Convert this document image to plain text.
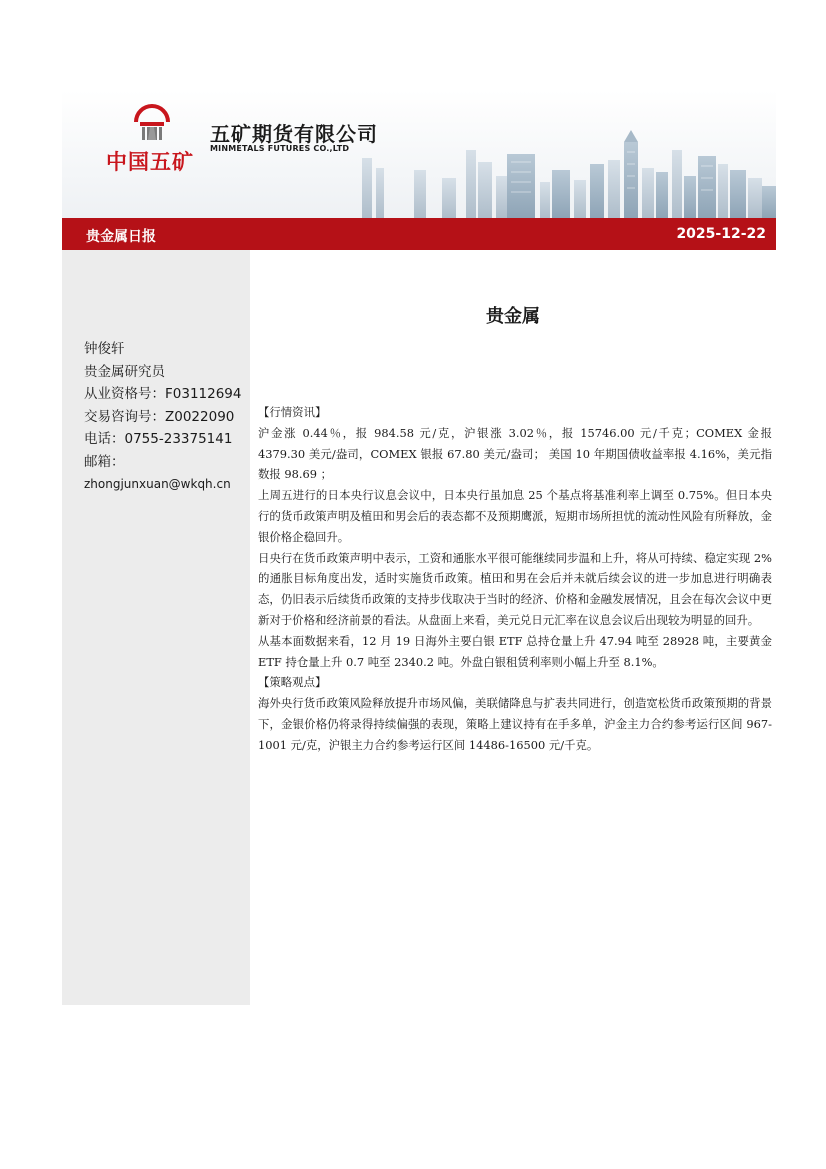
中国五矿
五矿期货有限公司
MINMETALS FUTURES CO.,LTD
贵金属日报	2025-12-22
钟俊轩
贵金属研究员
从业资格号：F03112694
交易咨询号：Z0022090
电话：0755-23375141
邮箱：
zhongjunxuan@wkqh.cn
贵金属

【行情资讯】

沪金涨 0.44％，报 984.58 元/克，沪银涨 3.02％，报 15746.00 元/千克；COMEX 金报 4379.30 美元/盎司，COMEX 银报 67.80 美元/盎司； 美国 10 年期国债收益率报 4.16%，美元指数报 98.69 ；

上周五进行的日本央行议息会议中，日本央行虽加息 25 个基点将基准利率上调至 0.75%。但日本央行的货币政策声明及植田和男会后的表态都不及预期鹰派，短期市场所担忧的流动性风险有所释放，金银价格企稳回升。

日央行在货币政策声明中表示，工资和通胀水平很可能继续同步温和上升，将从可持续、稳定实现 2%的通胀目标角度出发，适时实施货币政策。植田和男在会后并未就后续会议的进一步加息进行明确表态，仍旧表示后续货币政策的支持步伐取决于当时的经济、价格和金融发展情况，且会在每次会议中更新对于价格和经济前景的看法。从盘面上来看，美元兑日元汇率在议息会议后出现较为明显的回升。

从基本面数据来看，12 月 19 日海外主要白银 ETF 总持仓量上升 47.94 吨至 28928 吨，主要黄金 ETF 持仓量上升 0.7 吨至 2340.2 吨。外盘白银租赁利率则小幅上升至 8.1%。

【策略观点】

海外央行货币政策风险释放提升市场风偏，美联储降息与扩表共同进行，创造宽松货币政策预期的背景下，金银价格仍将录得持续偏强的表现，策略上建议持有在手多单，沪金主力合约参考运行区间 967-1001 元/克，沪银主力合约参考运行区间 14486-16500 元/千克。
